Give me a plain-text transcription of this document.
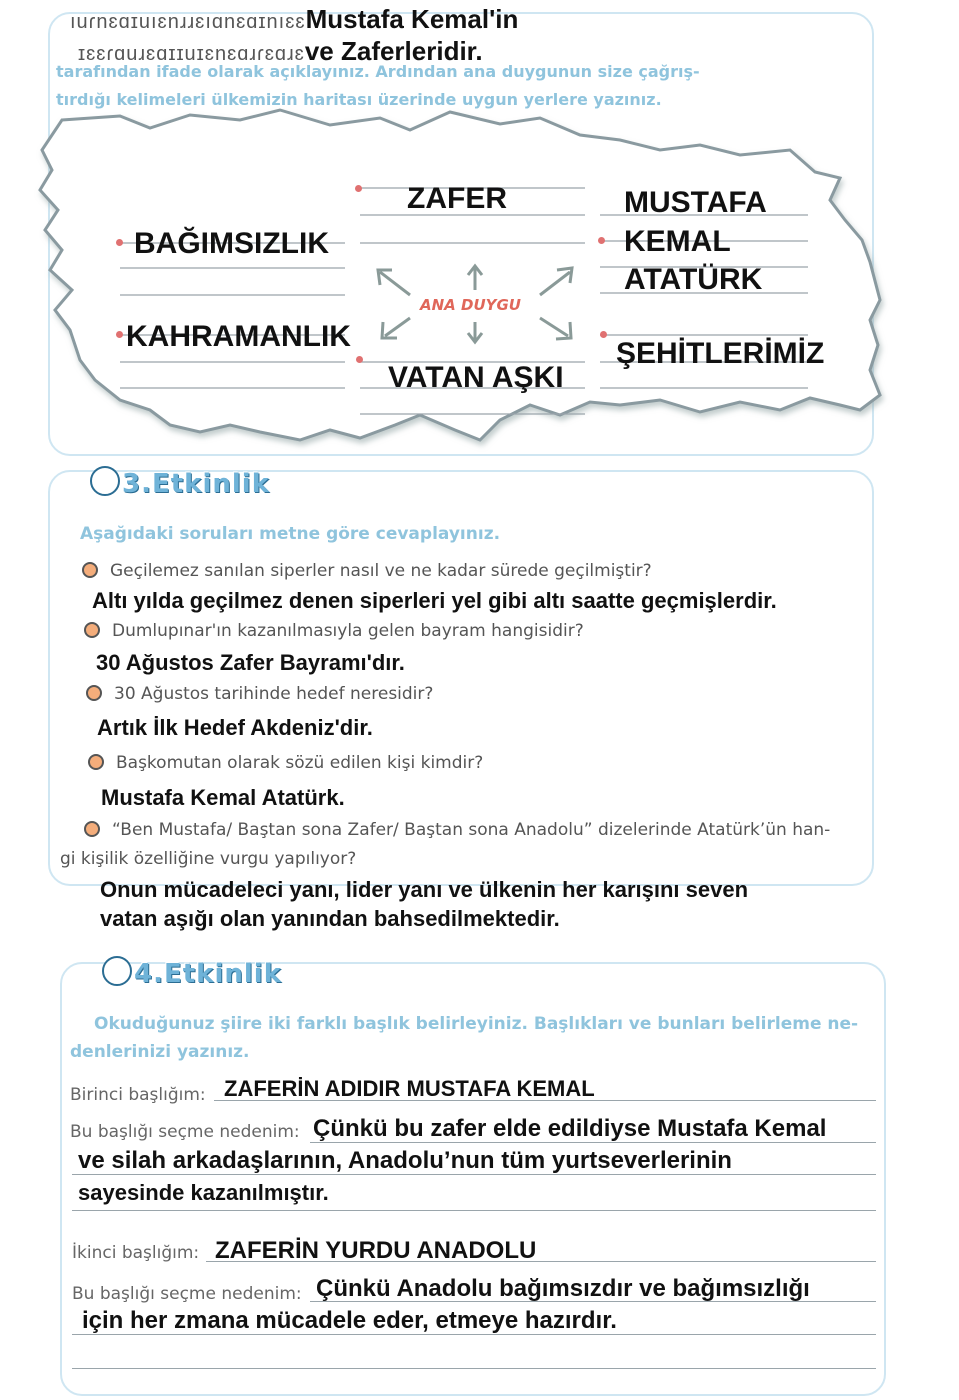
ıuɾnɛɑɪuıɛnɹɹɛıɑnɛɑɪnıɛɛMustafa Kemal'in
ɪɛɛɾɑuɹɛɑɪɪuɪɛnɛɑɹɾɛɑɹɛve Zaferleridir.
tarafından ifade olarak açıklayınız. Ardından ana duygunun size çağrış-
tırdığı kelimeleri ülkemizin haritası üzerinde uygun yerlere yazınız.
ZAFER
BAĞIMSIZLIK
MUSTAFA
KEMAL
ATATÜRK
ANA DUYGU
KAHRAMANLIK
ŞEHİTLERİMİZ
VATAN AŞKI
3.Etkinlik
Aşağıdaki soruları metne göre cevaplayınız.
Geçilemez sanılan siperler nasıl ve ne kadar sürede geçilmiştir?
Altı yılda geçilmez denen siperleri yel gibi altı saatte geçmişlerdir.
Dumlupınar'ın kazanılmasıyla gelen bayram hangisidir?
30 Ağustos Zafer Bayramı'dır.
30 Ağustos tarihinde hedef neresidir?
Artık İlk Hedef Akdeniz'dir.
Başkomutan olarak sözü edilen kişi kimdir?
Mustafa Kemal Atatürk.
“Ben Mustafa/ Baştan sona Zafer/ Baştan sona Anadolu” dizelerinde Atatürk’ün han-
gi kişilik özelliğine vurgu yapılıyor?
Onun mücadeleci yanı, lider yanı ve ülkenin her karışını seven
vatan aşığı olan yanından bahsedilmektedir.
4.Etkinlik
Okuduğunuz şiire iki farklı başlık belirleyiniz. Başlıkları ve bunları belirleme ne-
denlerinizi yazınız.
Birinci başlığım: ZAFERİN ADIDIR MUSTAFA KEMAL
Bu başlığı seçme nedenim: Çünkü bu zafer elde edildiyse Mustafa Kemal
ve silah arkadaşlarının, Anadolu’nun tüm yurtseverlerinin
sayesinde kazanılmıştır.
İkinci başlığım: ZAFERİN YURDU ANADOLU
Bu başlığı seçme nedenim: Çünkü Anadolu bağımsızdır ve bağımsızlığı
için her zmana mücadele eder, etmeye hazırdır.
